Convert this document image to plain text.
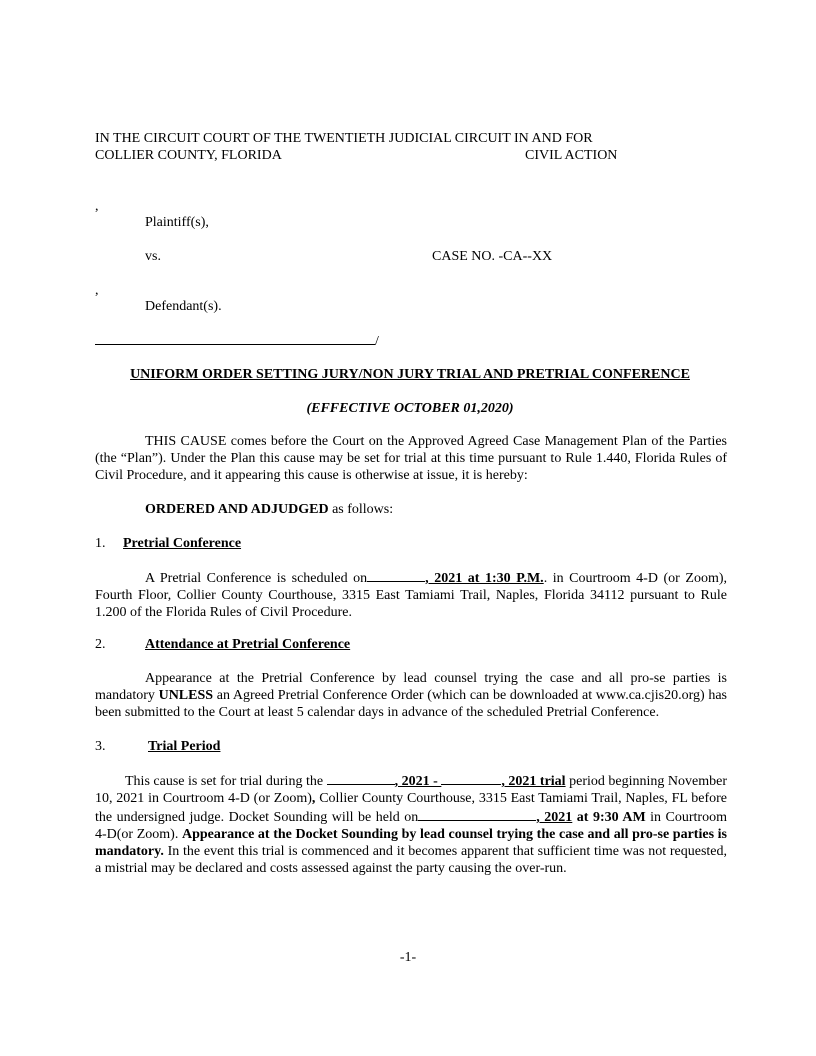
IN THE CIRCUIT COURT OF THE TWENTIETH JUDICIAL CIRCUIT IN AND FOR
COLLIER COUNTY, FLORIDA	CIVIL ACTION
,
Plaintiff(s),
vs.	CASE NO. -CA--XX
,
Defendant(s).
/
UNIFORM ORDER SETTING JURY/NON JURY TRIAL AND PRETRIAL CONFERENCE
(EFFECTIVE OCTOBER 01,2020)
THIS CAUSE comes before the Court on the Approved Agreed Case Management Plan of the Parties (the “Plan”). Under the Plan this cause may be set for trial at this time pursuant to Rule 1.440, Florida Rules of Civil Procedure, and it appearing this cause is otherwise at issue, it is hereby:
ORDERED AND ADJUDGED as follows:
1. Pretrial Conference
A Pretrial Conference is scheduled on	, 2021 at 1:30 P.M.. in Courtroom 4-D (or Zoom), Fourth Floor, Collier County Courthouse, 3315 East Tamiami Trail, Naples, Florida 34112 pursuant to Rule 1.200 of the Florida Rules of Civil Procedure.
2.	Attendance at Pretrial Conference
Appearance at the Pretrial Conference by lead counsel trying the case and all pro-se parties is mandatory UNLESS an Agreed Pretrial Conference Order (which can be downloaded at www.ca.cjis20.org) has been submitted to the Court at least 5 calendar days in advance of the scheduled Pretrial Conference.
3.	Trial Period
This cause is set for trial during the	, 2021 -	, 2021 trial period beginning November 10, 2021 in Courtroom 4-D (or Zoom), Collier County Courthouse, 3315 East Tamiami Trail, Naples, FL before the undersigned judge. Docket Sounding will be held on	, 2021 at 9:30 AM in Courtroom 4-D(or Zoom). Appearance at the Docket Sounding by lead counsel trying the case and all pro-se parties is mandatory. In the event this trial is commenced and it becomes apparent that sufficient time was not requested, a mistrial may be declared and costs assessed against the party causing the over-run.
-1-
